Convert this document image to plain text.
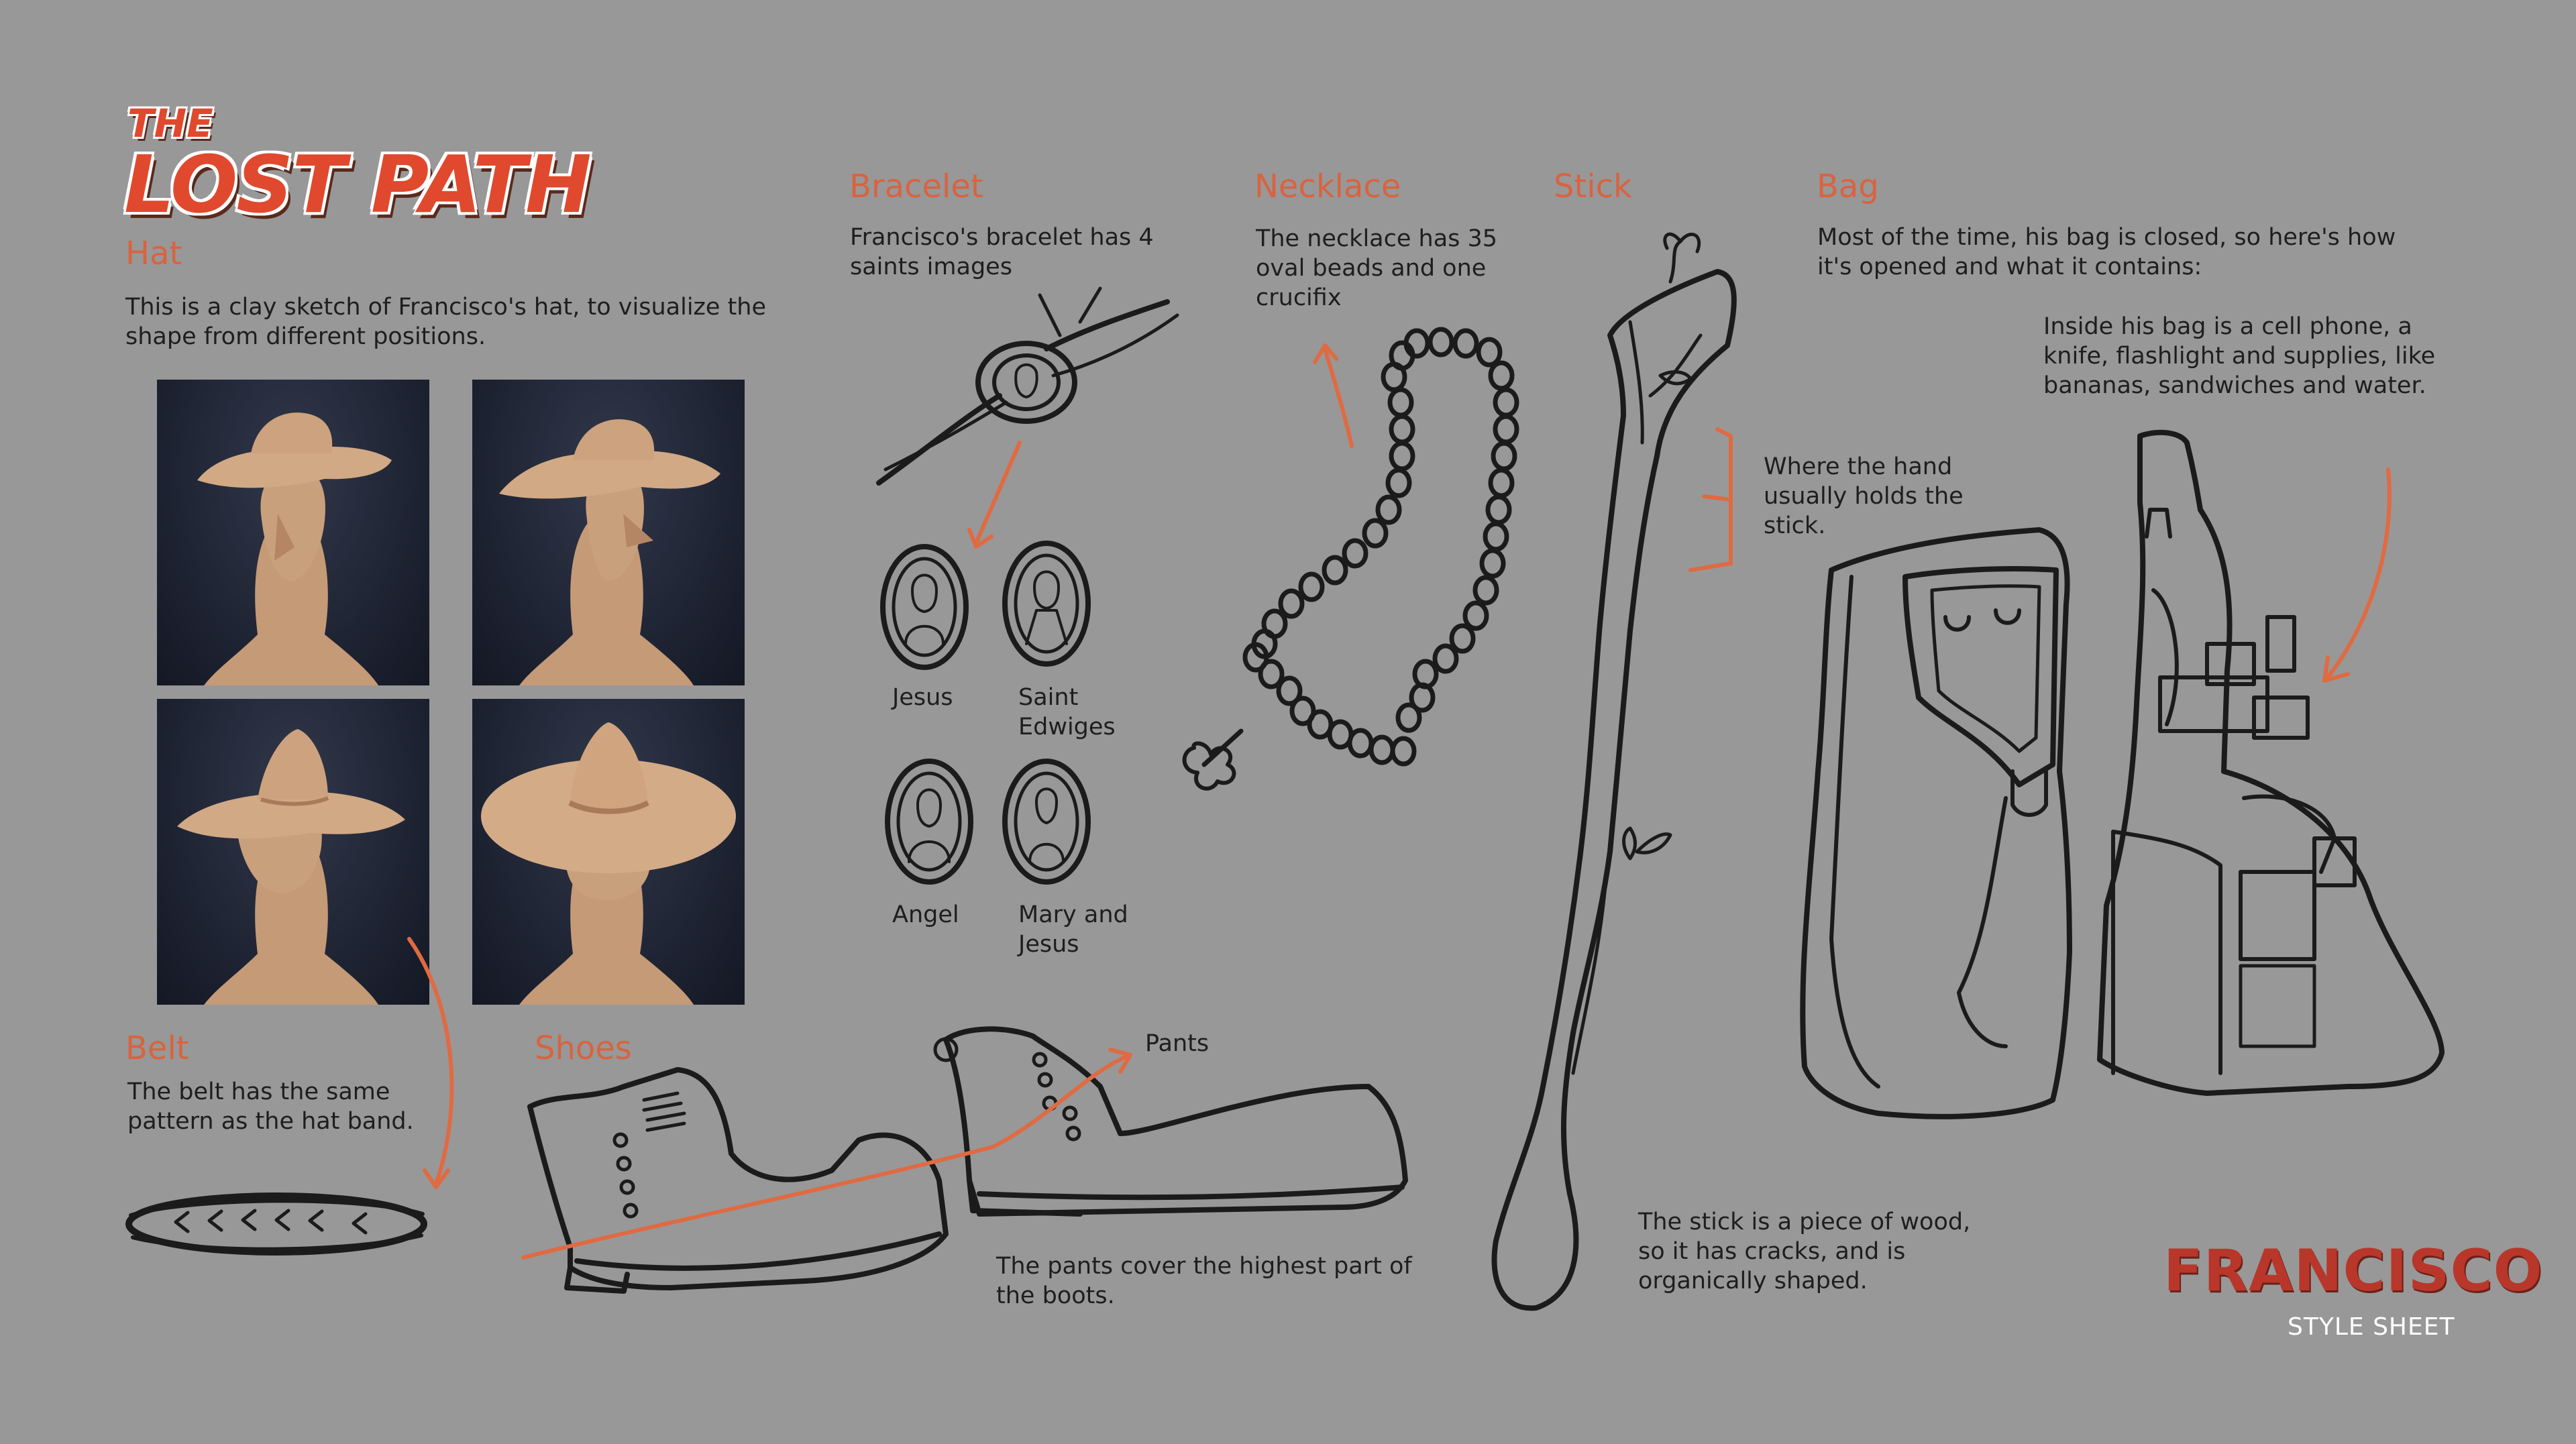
THE
LOST PATH
Hat
This is a clay sketch of Francisco's hat, to visualize the shape from different positions.
Belt
The belt has the same pattern as the hat band.
Shoes	Pants
The pants cover the highest part of the boots.
Bracelet
Francisco's bracelet has 4 saints images
Jesus	Saint Edwiges
Angel	Mary and Jesus
Necklace
The necklace has 35 oval beads and one crucifix
Stick
Where the hand usually holds the stick.
The stick is a piece of wood, so it has cracks, and is organically shaped.
Bag
Most of the time, his bag is closed, so here's how it's opened and what it contains:
Inside his bag is a cell phone, a knife, flashlight and supplies, like bananas, sandwiches and water.
FRANCISCO
STYLE SHEET
